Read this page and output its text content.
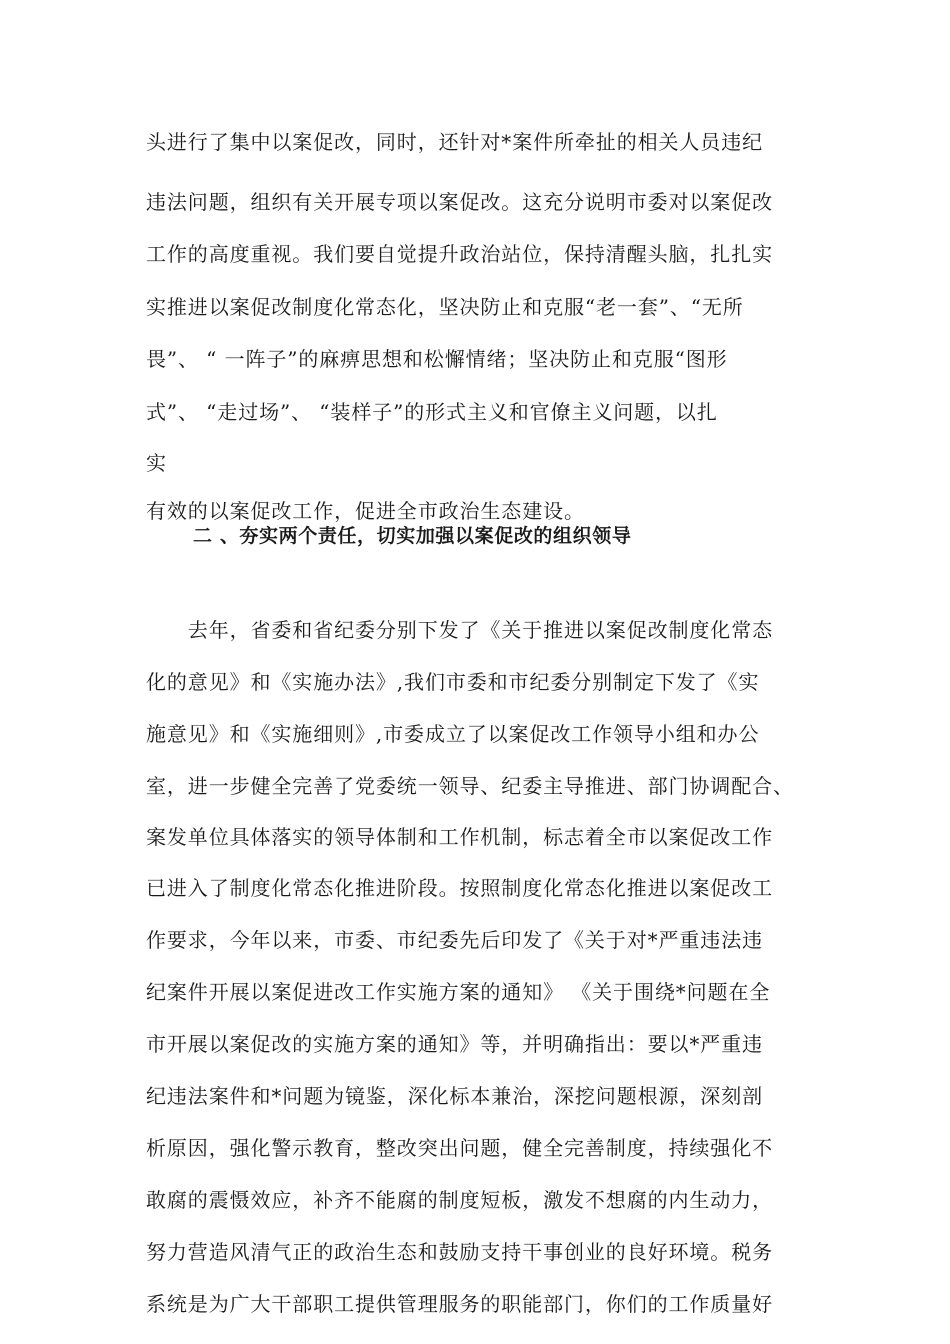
头进行了集中以案促改，同时，还针对*案件所牵扯的相关人员违纪
违法问题，组织有关开展专项以案促改。这充分说明市委对以案促改
工作的高度重视。我们要自觉提升政治站位，保持清醒头脑，扎扎实
实推进以案促改制度化常态化，坚决防止和克服“老一套”、“无所
畏”、 “ 一阵子”的麻痹思想和松懈情绪；坚决防止和克服“图形
式”、 “走过场”、 “装样子”的形式主义和官僚主义问题，以扎
实
有效的以案促改工作，促进全市政治生态建设。
二 、夯实两个责任，切实加强以案促改的组织领导
　　去年，省委和省纪委分别下发了《关于推进以案促改制度化常态
化的意见》和《实施办法》,我们市委和市纪委分别制定下发了《实
施意见》和《实施细则》,市委成立了以案促改工作领导小组和办公
室，进一步健全完善了党委统一领导、纪委主导推进、部门协调配合、
案发单位具体落实的领导体制和工作机制，标志着全市以案促改工作
已进入了制度化常态化推进阶段。按照制度化常态化推进以案促改工
作要求，今年以来，市委、市纪委先后印发了《关于对*严重违法违
纪案件开展以案促进改工作实施方案的通知》 《关于围绕*问题在全
市开展以案促改的实施方案的通知》等，并明确指出：要以*严重违
纪违法案件和*问题为镜鉴，深化标本兼治，深挖问题根源，深刻剖
析原因，强化警示教育，整改突出问题，健全完善制度，持续强化不
敢腐的震慑效应，补齐不能腐的制度短板，激发不想腐的内生动力，
努力营造风清气正的政治生态和鼓励支持干事创业的良好环境。税务
系统是为广大干部职工提供管理服务的职能部门，你们的工作质量好
